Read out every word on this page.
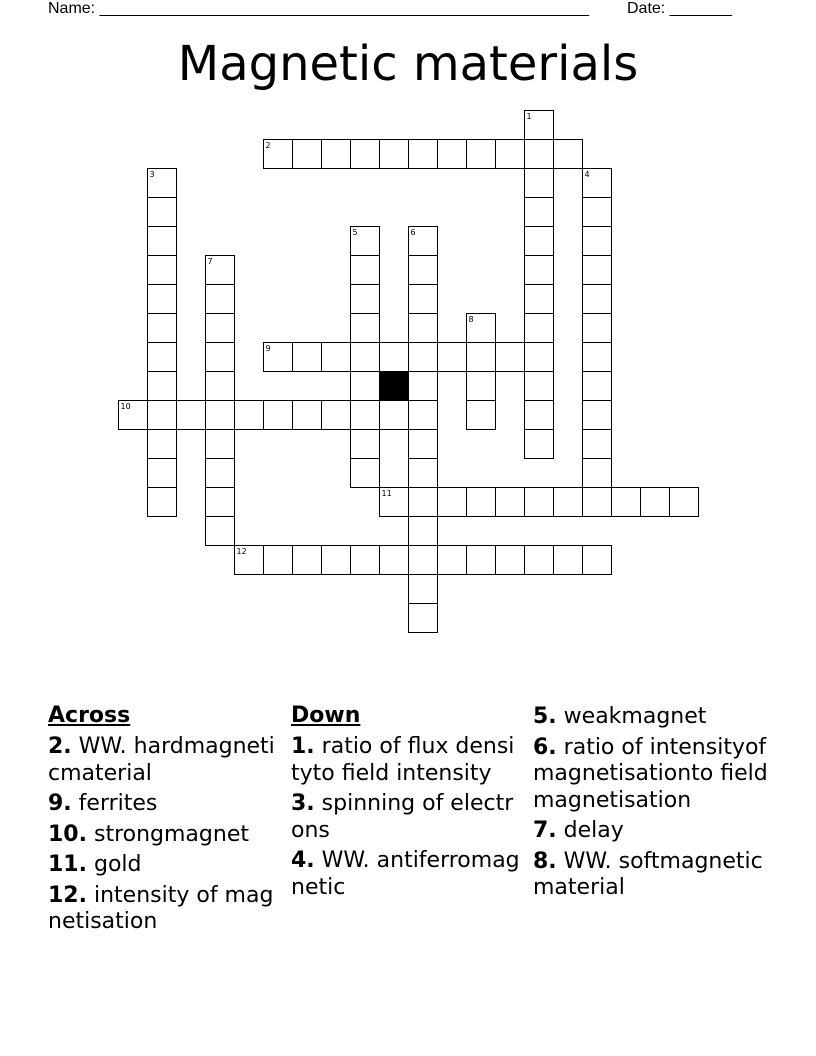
Name: _______________________________________________________ Date: _______
Magnetic materials
1
2
3	4
5	6
7
8
9
10
11
12
Across
2. WW. hardmagneticmaterial
9. ferrites
10. strongmagnet
11. gold
12. intensity of magnetisation
Down
1. ratio of flux densityto field intensity
3. spinning of electrons
4. WW. antiferromagnetic
5. weakmagnet
6. ratio of intensityof magnetisationto field magnetisation
7. delay
8. WW. softmagneticmaterial
